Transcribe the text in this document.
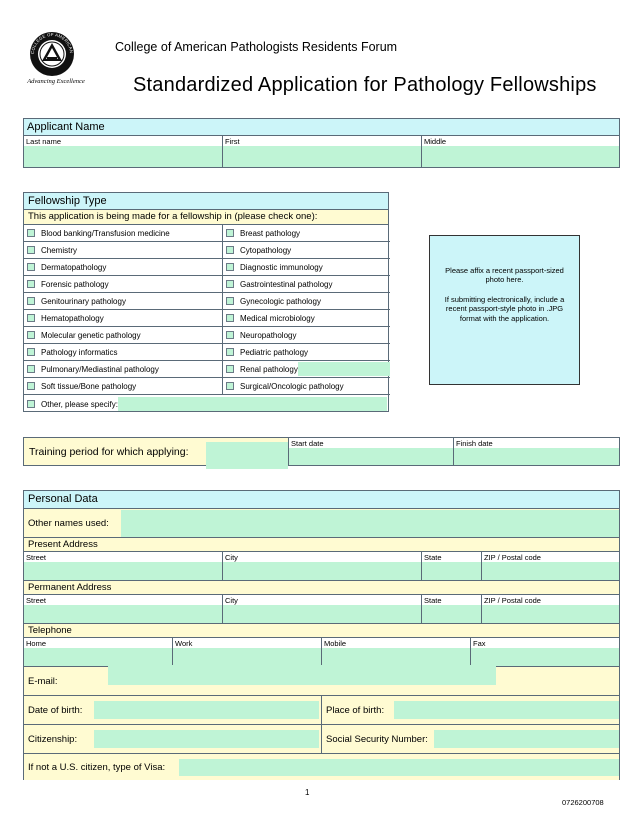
COLLEGE OF AMERICAN
Advancing Excellence
College of American Pathologists Residents Forum
Standardized Application for Pathology Fellowships
Applicant Name
Last name	First	Middle
Fellowship Type
This application is being made for a fellowship in (please check one):
Blood banking/Transfusion medicine	Breast pathology
Chemistry	Cytopathology
Dermatopathology	Diagnostic immunology
Forensic pathology	Gastrointestinal pathology
Genitourinary pathology	Gynecologic pathology
Hematopathology	Medical microbiology
Molecular genetic pathology	Neuropathology
Pathology informatics	Pediatric pathology
Pulmonary/Mediastinal pathology	Renal pathology
Soft tissue/Bone pathology	Surgical/Oncologic pathology
Other, please specify:

Please affix a recent passport-sized photo here.

If submitting electronically, include a recent passport-style photo in .JPG format with the application.

Training period for which applying:
Start date	Finish date
Personal Data
Other names used:
Present Address
Street	City	State	ZIP / Postal code
Permanent Address
Street	City	State	ZIP / Postal code
Telephone
Home	Work	Mobile	Fax
E-mail:
Date of birth:	Place of birth:
Citizenship:	Social Security Number:
If not a U.S. citizen, type of Visa:
1
0726200708
